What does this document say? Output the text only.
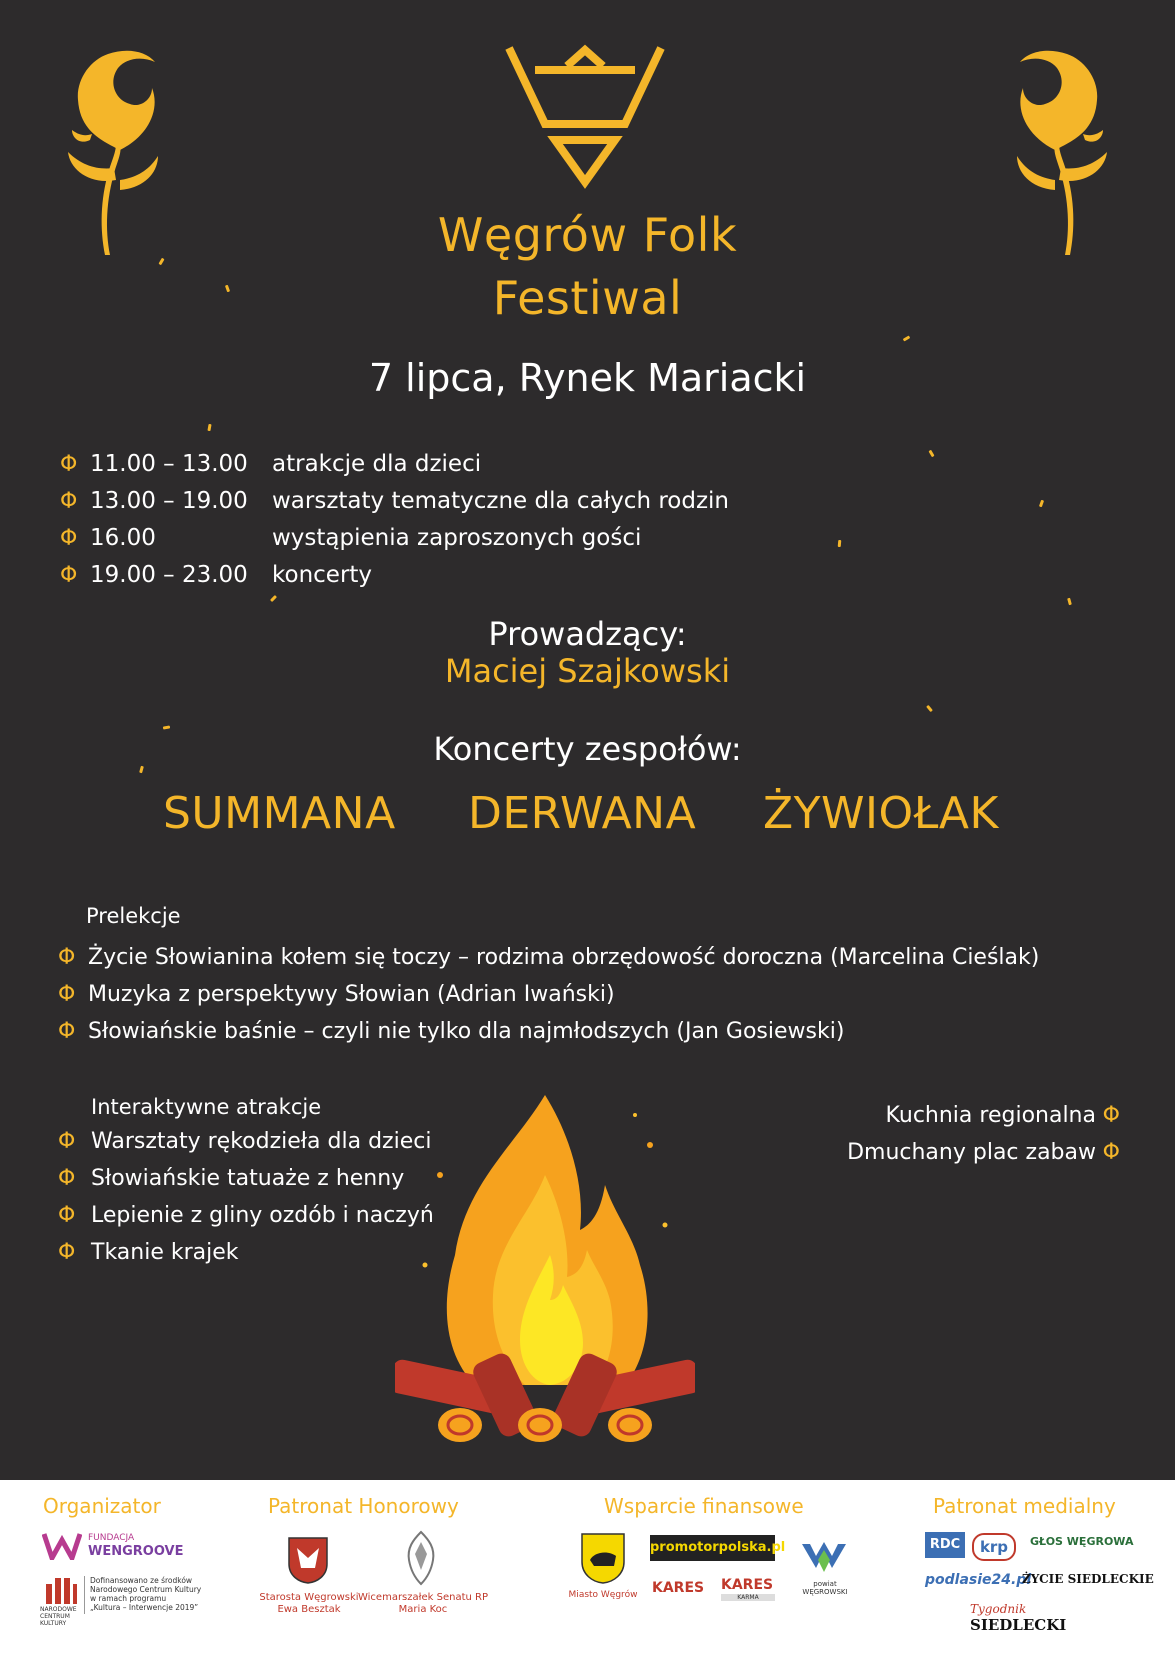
Węgrów Folk
Festiwal
7 lipca, Rynek Mariacki
Φ 11.00 – 13.00	atrakcje dla dzieci
Φ 13.00 – 19.00	warsztaty tematyczne dla całych rodzin
Φ 16.00	wystąpienia zaproszonych gości
Φ 19.00 – 23.00	koncerty
Prowadzący:
Maciej Szajkowski
Koncerty zespołów:
SUMMANA DERWANA ŻYWIOŁAK
Prelekcje
Φ Życie Słowianina kołem się toczy – rodzima obrzędowość doroczna (Marcelina Cieślak)
Φ Muzyka z perspektywy Słowian (Adrian Iwański)
Φ Słowiańskie baśnie – czyli nie tylko dla najmłodszych (Jan Gosiewski)
Interaktywne atrakcje
Φ Warsztaty rękodzieła dla dzieci
Φ Słowiańskie tatuaże z henny
Φ Lepienie z gliny ozdób i naczyń
Φ Tkanie krajek
Kuchnia regionalna Φ
Dmuchany plac zabaw Φ
Organizator	Patronat Honorowy	Wsparcie finansowe	Patronat medialny
FUNDACJA
WENGROOVE
NARODOWE CENTRUM KULTURY
Dofinansowano ze środków
Narodowego Centrum Kultury
w ramach programu
„Kultura – Interwencje 2019”
Starosta Węgrowski
Ewa Besztak
Wicemarszałek Senatu RP
Maria Koc
Miasto Węgrów
promotorpolska.pl
KARES KARES
KARMA
powiat WĘGROWSKI
RDC	krp	GŁOS WĘGROWA
podlasie24.pl
ŻYCIE SIEDLECKIE
Tygodnik
SIEDLECKI
